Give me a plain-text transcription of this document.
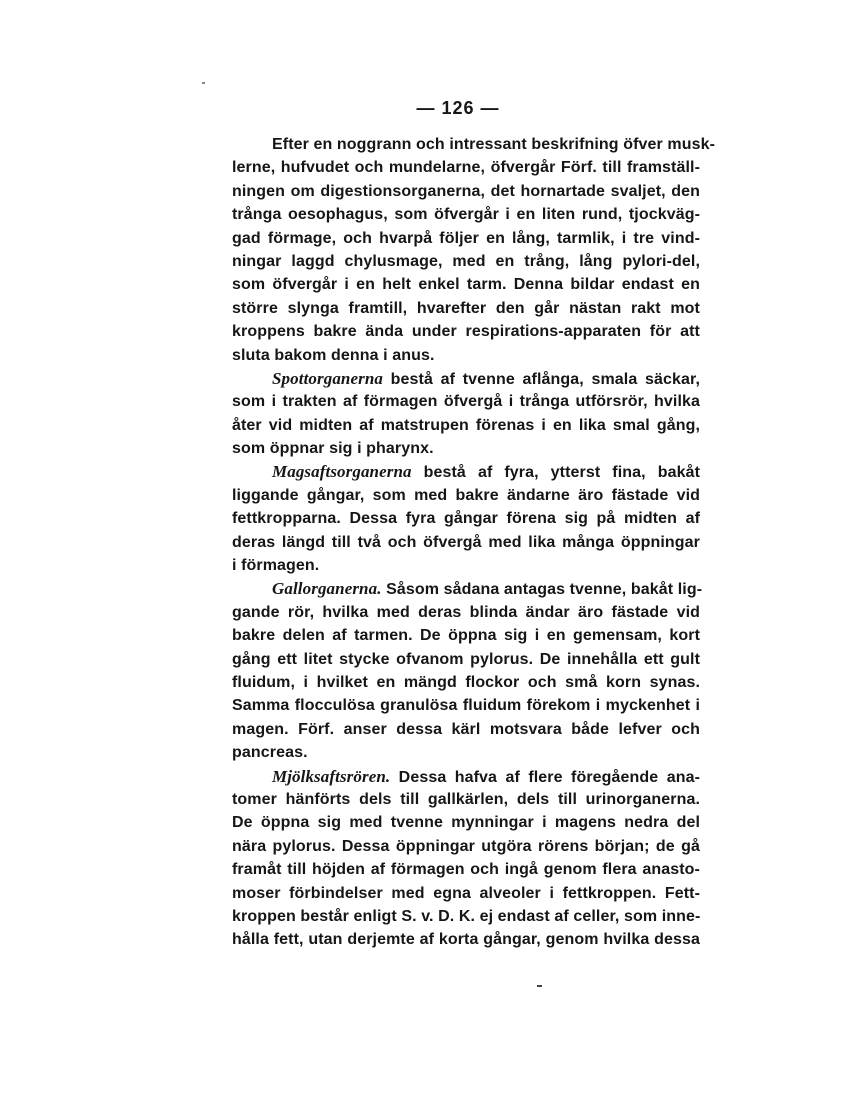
— 126 —
Efter en noggrann och intressant beskrifning öfver musk-
lerne, hufvudet och mundelarne, öfvergår Förf. till framställ-
ningen om digestionsorganerna, det hornartade svaljet, den
trånga oesophagus, som öfvergår i en liten rund, tjockväg-
gad förmage, och hvarpå följer en lång, tarmlik, i tre vind-
ningar laggd chylusmage, med en trång, lång pylori-del,
som öfvergår i en helt enkel tarm. Denna bildar endast en
större slynga framtill, hvarefter den går nästan rakt mot
kroppens bakre ända under respirations-apparaten för att
sluta bakom denna i anus.
Spottorganerna bestå af tvenne aflånga, smala säckar,
som i trakten af förmagen öfvergå i trånga utförsrör, hvilka
åter vid midten af matstrupen förenas i en lika smal gång,
som öppnar sig i pharynx.
Magsaftsorganerna bestå af fyra, ytterst fina, bakåt
liggande gångar, som med bakre ändarne äro fästade vid
fettkropparna. Dessa fyra gångar förena sig på midten af
deras längd till två och öfvergå med lika många öppningar
i förmagen.
Gallorganerna. Såsom sådana antagas tvenne, bakåt lig-
gande rör, hvilka med deras blinda ändar äro fästade vid
bakre delen af tarmen. De öppna sig i en gemensam, kort
gång ett litet stycke ofvanom pylorus. De innehålla ett gult
fluidum, i hvilket en mängd flockor och små korn synas.
Samma flocculösa granulösa fluidum förekom i myckenhet i
magen. Förf. anser dessa kärl motsvara både lefver och
pancreas.
Mjölksaftsrören. Dessa hafva af flere föregående ana-
tomer hänförts dels till gallkärlen, dels till urinorganerna.
De öppna sig med tvenne mynningar i magens nedra del
nära pylorus. Dessa öppningar utgöra rörens början; de gå
framåt till höjden af förmagen och ingå genom flera anasto-
moser förbindelser med egna alveoler i fettkroppen. Fett-
kroppen består enligt S. v. D. K. ej endast af celler, som inne-
hålla fett, utan derjemte af korta gångar, genom hvilka dessa
